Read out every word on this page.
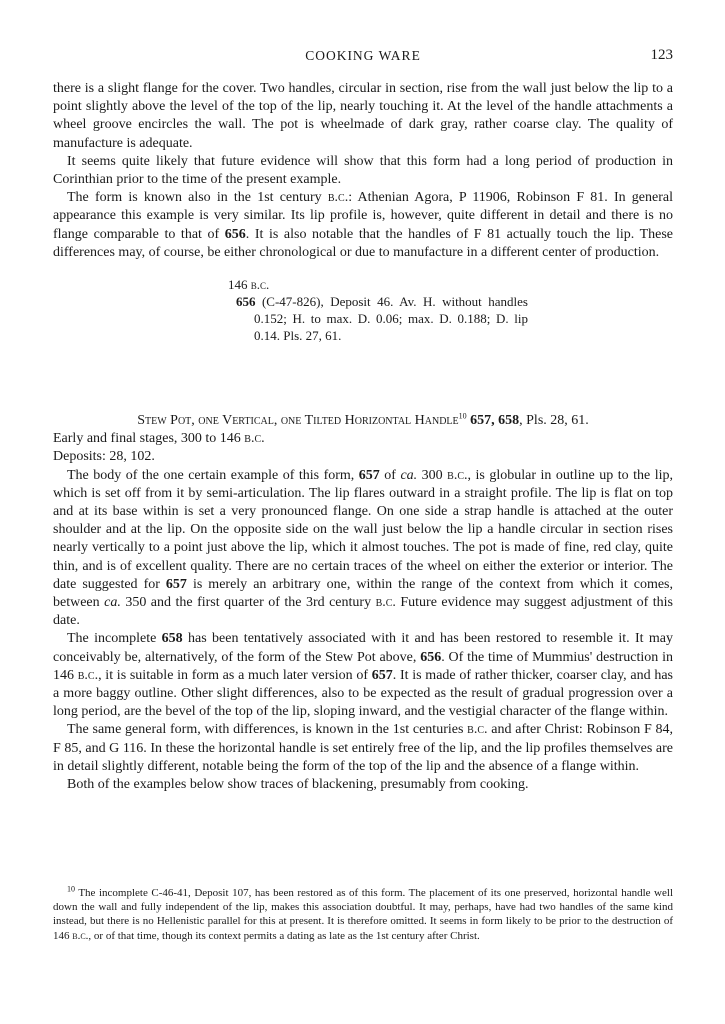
COOKING WARE	123

there is a slight flange for the cover. Two handles, circular in section, rise from the wall just below the lip to a point slightly above the level of the top of the lip, nearly touching it. At the level of the handle attachments a wheel groove encircles the wall. The pot is wheelmade of dark gray, rather coarse clay. The quality of manufacture is adequate.

It seems quite likely that future evidence will show that this form had a long period of production in Corinthian prior to the time of the present example.

The form is known also in the 1st century b.c.: Athenian Agora, P 11906, Robinson F 81. In general appearance this example is very similar. Its lip profile is, however, quite different in detail and there is no flange comparable to that of 656. It is also notable that the handles of F 81 actually touch the lip. These differences may, of course, be either chronological or due to manufacture in a different center of production.

146 b.c.
656 (C-47-826), Deposit 46. Av. H. without handles 0.152; H. to max. D. 0.06; max. D. 0.188; D. lip 0.14. Pls. 27, 61.
Stew Pot, one Vertical, one Tilted Horizontal Handle$^{10}$ 657, 658, Pls. 28, 61.

Early and final stages, 300 to 146 b.c.

Deposits: 28, 102.

The body of the one certain example of this form, 657 of ca. 300 b.c., is globular in outline up to the lip, which is set off from it by semi-articulation. The lip flares outward in a straight profile. The lip is flat on top and at its base within is set a very pronounced flange. On one side a strap handle is attached at the outer shoulder and at the lip. On the opposite side on the wall just below the lip a handle circular in section rises nearly vertically to a point just above the lip, which it almost touches. The pot is made of fine, red clay, quite thin, and is of excellent quality. There are no certain traces of the wheel on either the exterior or interior. The date suggested for 657 is merely an arbitrary one, within the range of the context from which it comes, between ca. 350 and the first quarter of the 3rd century b.c. Future evidence may suggest adjustment of this date.

The incomplete 658 has been tentatively associated with it and has been restored to resemble it. It may conceivably be, alternatively, of the form of the Stew Pot above, 656. Of the time of Mummius' destruction in 146 b.c., it is suitable in form as a much later version of 657. It is made of rather thicker, coarser clay, and has a more baggy outline. Other slight differences, also to be expected as the result of gradual progression over a long period, are the bevel of the top of the lip, sloping inward, and the vestigial character of the flange within.

The same general form, with differences, is known in the 1st centuries b.c. and after Christ: Robinson F 84, F 85, and G 116. In these the horizontal handle is set entirely free of the lip, and the lip profiles themselves are in detail slightly different, notable being the form of the top of the lip and the absence of a flange within.

Both of the examples below show traces of blackening, presumably from cooking.

$^{10}$ The incomplete C-46-41, Deposit 107, has been restored as of this form. The placement of its one preserved, horizontal handle well down the wall and fully independent of the lip, makes this association doubtful. It may, perhaps, have had two handles of the same kind instead, but there is no Hellenistic parallel for this at present. It is therefore omitted. It seems in form likely to be prior to the destruction of 146 b.c., or of that time, though its context permits a dating as late as the 1st century after Christ.
